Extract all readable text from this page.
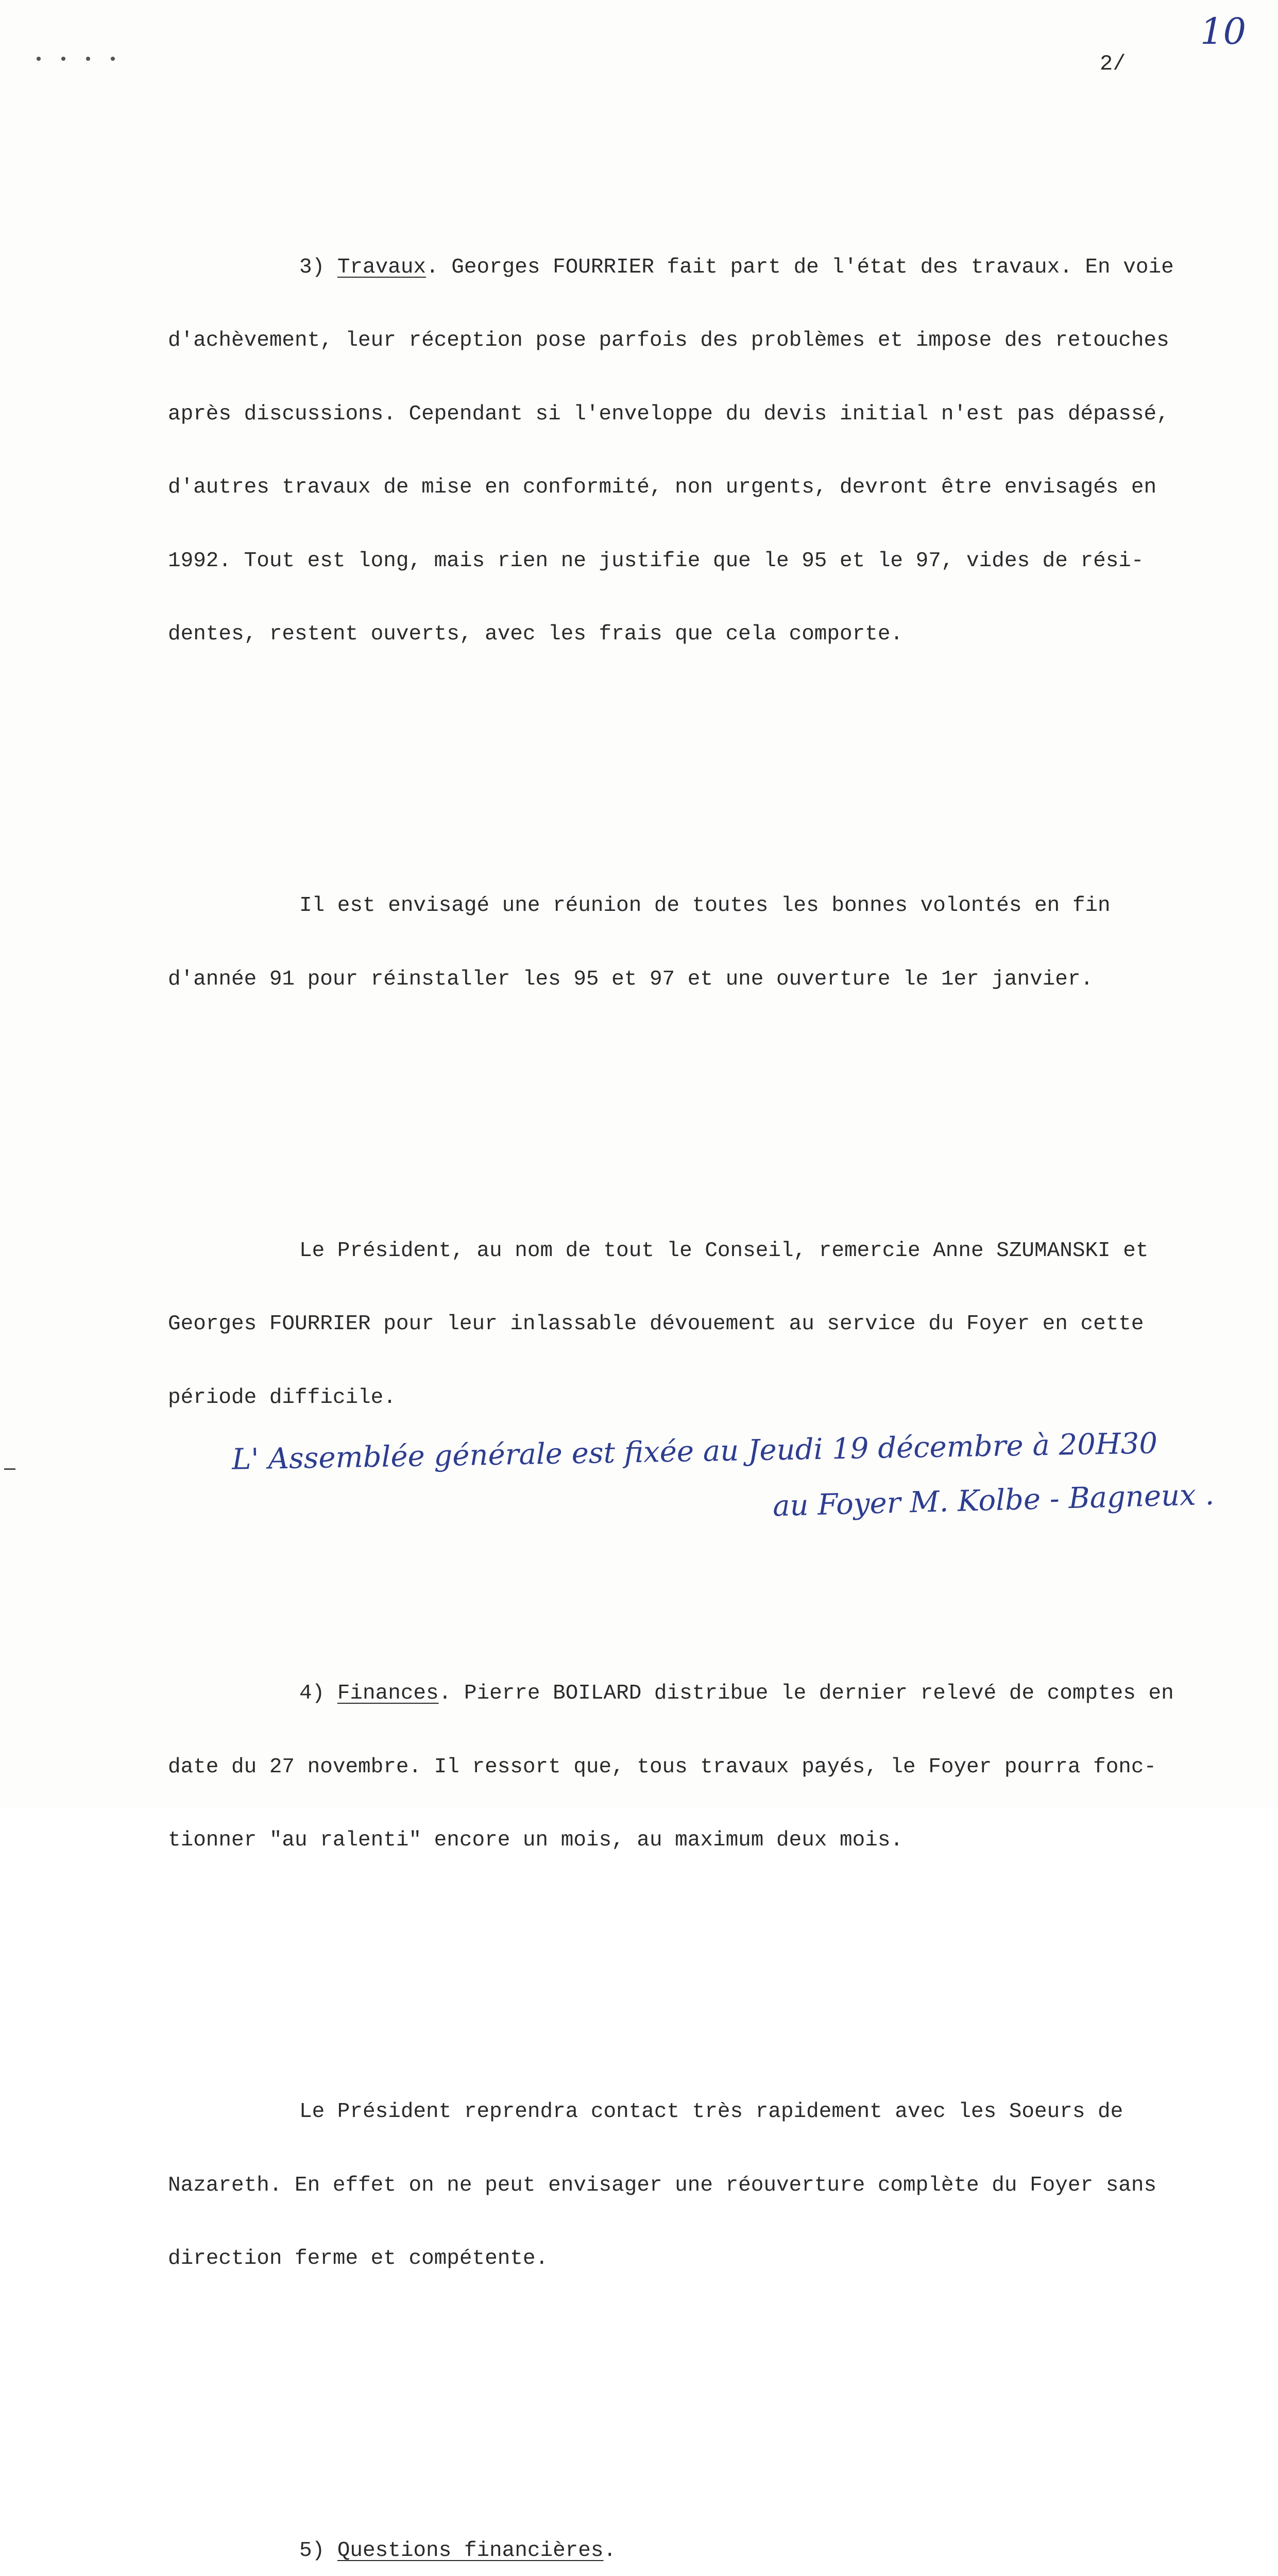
• • • •
10
2/

3) Travaux. Georges FOURRIER fait part de l'état des travaux. En voie

d'achèvement, leur réception pose parfois des problèmes et impose des retouches

après discussions. Cependant si l'enveloppe du devis initial n'est pas dépassé,

d'autres travaux de mise en conformité, non urgents, devront être envisagés en

1992. Tout est long, mais rien ne justifie que le 95 et le 97, vides de rési-

dentes, restent ouverts, avec les frais que cela comporte.

Il est envisagé une réunion de toutes les bonnes volontés en fin

d'année 91 pour réinstaller les 95 et 97 et une ouverture le 1er janvier.

Le Président, au nom de tout le Conseil, remercie Anne SZUMANSKI et

Georges FOURRIER pour leur inlassable dévouement au service du Foyer en cette

période difficile.

4) Finances. Pierre BOILARD distribue le dernier relevé de comptes en

date du 27 novembre. Il ressort que, tous travaux payés, le Foyer pourra fonc-

tionner "au ralenti" encore un mois, au maximum deux mois.

Le Président reprendra contact très rapidement avec les Soeurs de

Nazareth. En effet on ne peut envisager une réouverture complète du Foyer sans

direction ferme et compétente.

5) Questions financières.

L' Assemblée générale est fixée au Jeudi 19 décembre à 20H30
au Foyer M. Kolbe - Bagneux .
